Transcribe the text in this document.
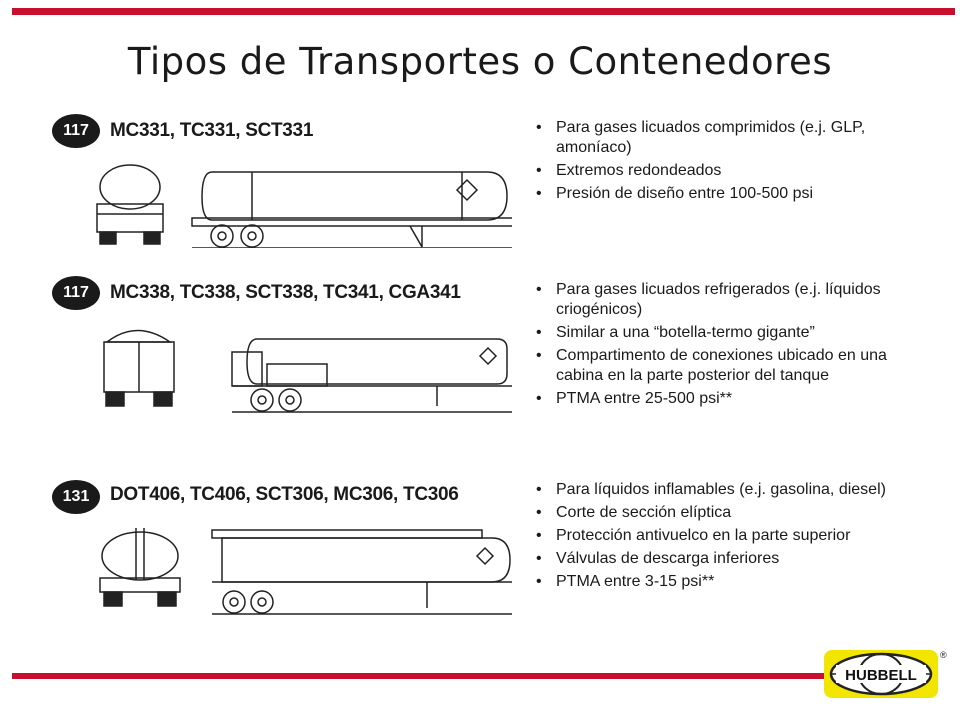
Tipos de Transportes o Contenedores
117	MC331, TC331, SCT331	• Para gases licuados comprimidos (e.j. GLP, amoníaco)
• Extremos redondeados
• Presión de diseño entre 100-500 psi
117	MC338, TC338, SCT338, TC341, CGA341	• Para gases licuados refrigerados (e.j. líquidos criogénicos)
• Similar a una “botella-termo gigante”
• Compartimento de conexiones ubicado en una cabina en la parte posterior del tanque
• PTMA entre 25-500 psi**
131	DOT406, TC406, SCT306, MC306, TC306	• Para líquidos inflamables (e.j. gasolina, diesel)
• Corte de sección elíptica
• Protección antivuelco en la parte superior
• Válvulas de descarga inferiores
• PTMA entre 3-15 psi**
HUBBELL
®
